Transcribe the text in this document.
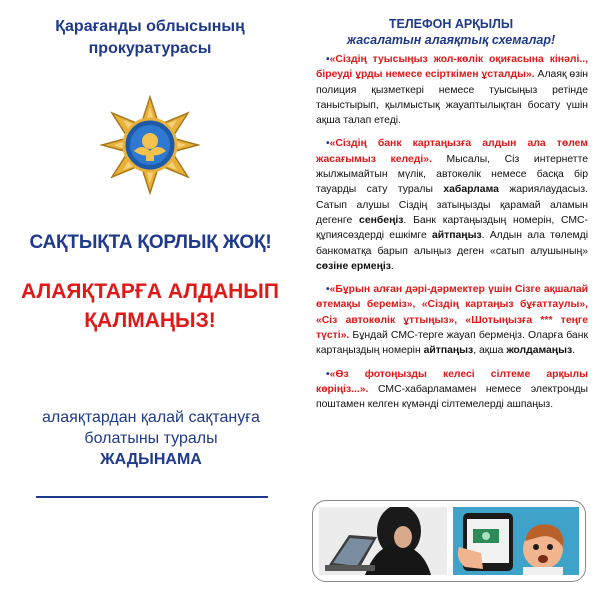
Қарағанды облысының
прокуратурасы
САҚТЫҚТА ҚОРЛЫҚ ЖОҚ!
АЛАЯҚТАРҒА АЛДАНЫП
ҚАЛМАҢЫЗ!
алаяқтардан қалай сақтануға
болатыны туралы
ЖАДЫНАМА
ТЕЛЕФОН АРҚЫЛЫ
жасалатын алаяқтық схемалар!

•«Сіздің туысыңыз жол-көлік оқиғасына кінәлі.., біреуді ұрды немесе есірткімен ұсталды». Алаяқ өзін полиция қызметкері немесе туысыңыз ретінде таныстырып, қылмыстық жауаптылықтан босату үшін ақша талап етеді.

•«Сіздің банк картаңызға алдын ала төлем жасағымыз келеді». Мысалы, Сіз интернетте жылжымайтын мүлік, автокөлік немесе басқа бір тауарды сату туралы хабарлама жариялаудасыз. Сатып алушы Сіздің затыңызды қарамай аламын дегенге сенбеңіз. Банк картаңыздың номерін, СМС-құпиясөздерді ешкімге айтпаңыз. Алдын ала төлемді банкоматқа барып алыңыз деген «сатып алушының» сөзіне ермеңіз.

•«Бұрын алған дәрі-дәрмектер үшін Сізге ақшалай өтемақы береміз», «Сіздің картаңыз бұғаттаулы», «Сіз автокөлік ұттыңыз», «Шотыңызға *** теңге түсті». Бұндай СМС-терге жауап бермеңіз. Оларға банк картаңыздың номерін айтпаңыз, ақша жолдамаңыз.

•«Өз фотоңызды келесі сілтеме арқылы көріңіз...». СМС-хабарламамен немесе электронды поштамен келген күмәнді сілтемелерді ашпаңыз.
